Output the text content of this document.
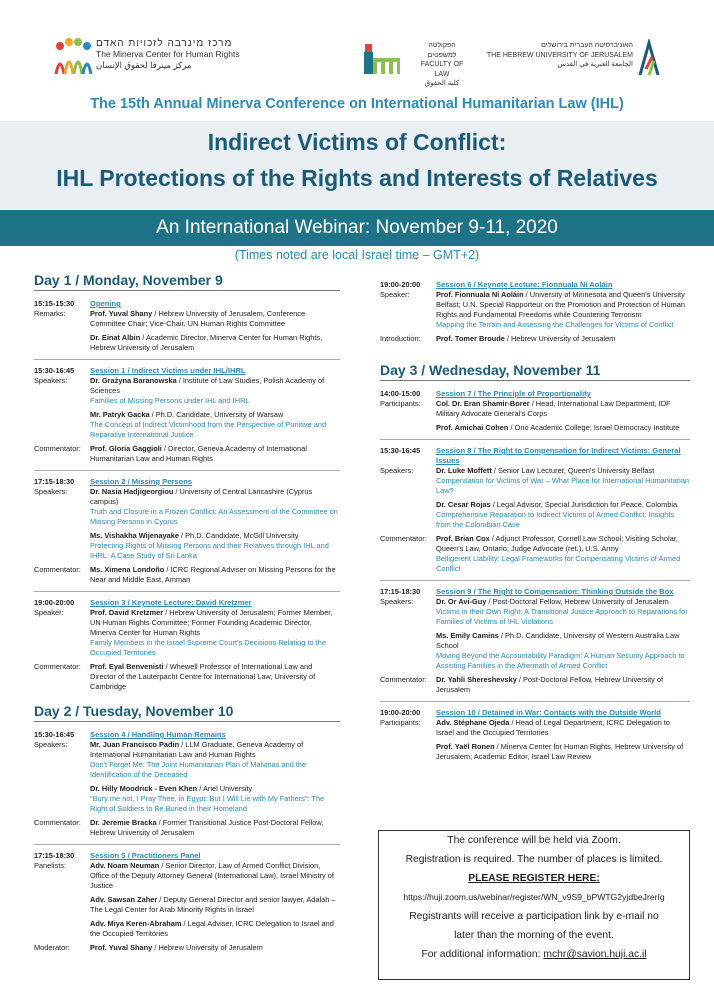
מרכז מינרבה לזכויות האדם
The Minerva Center for Human Rights
مركز مينرفا لحقوق الإنسان
הפקולטה למשפטים
FACULTY OF LAW
كلية الحقوق
האוניברסיטה העברית בירושלים
THE HEBREW UNIVERSITY OF JERUSALEM
الجامعة العبرية في القدس
The 15th Annual Minerva Conference on International Humanitarian Law (IHL)
Indirect Victims of Conflict:
IHL Protections of the Rights and Interests of Relatives
An International Webinar: November 9-11, 2020
(Times noted are local Israel time – GMT+2)
Day 1 / Monday, November 9
15:15-15:30	Opening
Remarks:	Prof. Yuval Shany / Hebrew University of Jerusalem, Conference Committee Chair; Vice-Chair, UN Human Rights Committee
Dr. Einat Albin / Academic Director, Minerva Center for Human Rights, Hebrew University of Jerusalem
15:30-16:45	Session 1 / Indirect Victims under IHL/IHRL
Speakers:	Dr. Grażyna Baranowska / Institute of Law Studies, Polish Academy of Sciences
Families of Missing Persons under IHL and IHRL
Mr. Patryk Gacka / Ph.D. Candidate, University of Warsaw
The Concept of Indirect Victimhood from the Perspective of Punitive and Reparative International Justice
Commentator:	Prof. Gloria Gaggioli / Director, Geneva Academy of International Humanitarian Law and Human Rights
17:15-18:30	Session 2 / Missing Persons
Speakers:	Dr. Nasia Hadjigeorgiou / University of Central Lancashire (Cyprus campus)
Truth and Closure in a Frozen Conflict: An Assessment of the Committee on Missing Persons in Cyprus
Ms. Vishakha Wijenayake / Ph.D. Candidate, McGill University
Protecting Rights of Missing Persons and their Relatives through IHL and IHRL: A Case Study of Sri Lanka
Commentator:	Ms. Ximena Londoño / ICRC Regional Adviser on Missing Persons for the Near and Middle East, Amman
19:00-20:00	Session 3 / Keynote Lecture: David Kretzmer
Speaker:	Prof. David Kretzmer / Hebrew University of Jerusalem; Former Member, UN Human Rights Committee; Former Founding Academic Director, Minerva Center for Human Rights
Family Members in the Israel Supreme Court's Decisions Relating to the Occupied Territories
Commentator:	Prof. Eyal Benvenisti / Whewell Professor of International Law and Director of the Lauterpacht Centre for International Law, University of Cambridge
Day 2 / Tuesday, November 10
15:30-16:45	Session 4 / Handling Human Remains
Speakers:	Mr. Juan Francisco Padin / LLM Graduate, Geneva Academy of International Humanitarian Law and Human Rights
Don't Forget Me: The Joint Humanitarian Plan of Malvinas and the Identification of the Deceased
Dr. Hilly Moodrick - Even Khen / Ariel University
"Bury me not, I Pray Thee, in Egypt: But I Will Lie with My Fathers": The Right of Soldiers to Be Buried in their Homeland
Commentator:	Dr. Jeremie Bracka / Former Transitional Justice Post-Doctoral Fellow, Hebrew University of Jerusalem
17:15-18:30	Session 5 / Practitioners Panel
Panelists:	Adv. Noam Neuman / Senior Director, Law of Armed Conflict Division, Office of the Deputy Attorney General (International Law), Israel Ministry of Justice
Adv. Sawsan Zaher / Deputy General Director and senior lawyer, Adalah – The Legal Center for Arab Minority Rights in Israel
Adv. Miya Keren-Abraham / Legal Adviser, ICRC Delegation to Israel and the Occupied Territories
Moderator:	Prof. Yuval Shany / Hebrew University of Jerusalem
19:00-20:00	Session 6 / Keynote Lecture: Fionnuala Ní Aoláin
Speaker:	Prof. Fionnuala Ní Aoláin / University of Minnesota and Queen's University Belfast; U.N. Special Rapporteur on the Promotion and Protection of Human Rights and Fundamental Freedoms while Countering Terrorism
Mapping the Terrain and Assessing the Challenges for Victims of Conflict
Introduction:	Prof. Tomer Broude / Hebrew University of Jerusalem
Day 3 / Wednesday, November 11
14:00-15:00	Session 7 / The Principle of Proportionality
Participants:	Col. Dr. Eran Shamir-Borer / Head, International Law Department, IDF Military Advocate General's Corps
Prof. Amichai Cohen / Ono Academic College; Israel Democracy Institute
15:30-16:45	Session 8 / The Right to Compensation for Indirect Victims: General Issues
Speakers:	Dr. Luke Moffett / Senior Law Lecturer, Queen's University Belfast
Compensation for Victims of War – What Place for International Humanitarian Law?
Dr. Cesar Rojas / Legal Advisor, Special Jurisdiction for Peace, Colombia
Comprehensive Reparation to Indirect Victims of Armed Conflict: Insights from the Colombian Case
Commentator:	Prof. Brian Cox / Adjunct Professor, Cornell Law School; Visiting Scholar, Queen's Law, Ontario; Judge Advocate (ret.), U.S. Army
Belligerent Liability: Legal Frameworks for Compensating Victims of Armed Conflict
17:15-18:30	Session 9 / The Right to Compensation: Thinking Outside the Box
Speakers:	Dr. Or Avi-Guy / Post-Doctoral Fellow, Hebrew University of Jerusalem
Victims in their Own Right: A Transitional Justice Approach to Reparations for Families of Victims of IHL Violations
Ms. Emily Camins / Ph.D. Candidate, University of Western Australia Law School
Moving Beyond the Accountability Paradigm: A Human Security Approach to Assisting Families in the Aftermath of Armed Conflict
Commentator:	Dr. Yahli Shereshevsky / Post-Doctoral Fellow, Hebrew University of Jerusalem
19:00-20:00	Session 10 / Detained in War: Contacts with the Outside World
Participants:	Adv. Stéphane Ojeda / Head of Legal Department, ICRC Delegation to Israel and the Occupied Territories
Prof. Yaël Ronen / Minerva Center for Human Rights, Hebrew University of Jerusalem; Academic Editor, Israel Law Review
The conference will be held via Zoom.
Registration is required. The number of places is limited.
PLEASE REGISTER HERE:
https://huji.zoom.us/webinar/register/WN_v9S9_bPWTG2yjdbeJrerIg
Registrants will receive a participation link by e-mail no
later than the morning of the event.
For additional information: mchr@savion.huji.ac.il
